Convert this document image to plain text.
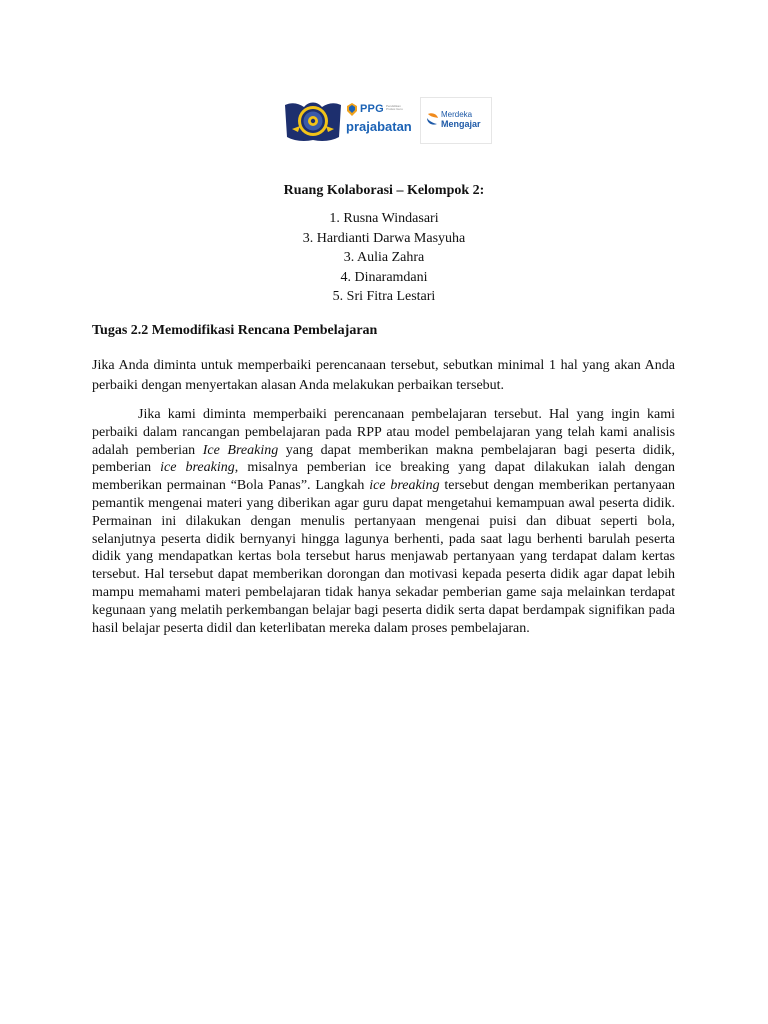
PPG Pendidikan Profesi Guru
prajabatan
Merdeka
Mengajar
Ruang Kolaborasi – Kelompok 2:
1. Rusna Windasari
3. Hardianti Darwa Masyuha
3. Aulia Zahra
4. Dinaramdani
5. Sri Fitra Lestari
Tugas 2.2 Memodifikasi Rencana Pembelajaran

Jika Anda diminta untuk memperbaiki perencanaan tersebut, sebutkan minimal 1 hal yang akan Anda perbaiki dengan menyertakan alasan Anda melakukan perbaikan tersebut.

Jika kami diminta memperbaiki perencanaan pembelajaran tersebut. Hal yang ingin kami perbaiki dalam rancangan pembelajaran pada RPP atau model pembelajaran yang telah kami analisis adalah pemberian Ice Breaking yang dapat memberikan makna pembelajaran bagi peserta didik, pemberian ice breaking, misalnya pemberian ice breaking yang dapat dilakukan ialah dengan memberikan permainan “Bola Panas”. Langkah ice breaking tersebut dengan memberikan pertanyaan pemantik mengenai materi yang diberikan agar guru dapat mengetahui kemampuan awal peserta didik. Permainan ini dilakukan dengan menulis pertanyaan mengenai puisi dan dibuat seperti bola, selanjutnya peserta didik bernyanyi hingga lagunya berhenti, pada saat lagu berhenti barulah peserta didik yang mendapatkan kertas bola tersebut harus menjawab pertanyaan yang terdapat dalam kertas tersebut. Hal tersebut dapat memberikan dorongan dan motivasi kepada peserta didik agar dapat lebih mampu memahami materi pembelajaran tidak hanya sekadar pemberian game saja melainkan terdapat kegunaan yang melatih perkembangan belajar bagi peserta didik serta dapat berdampak signifikan pada hasil belajar peserta didil dan keterlibatan mereka dalam proses pembelajaran.
